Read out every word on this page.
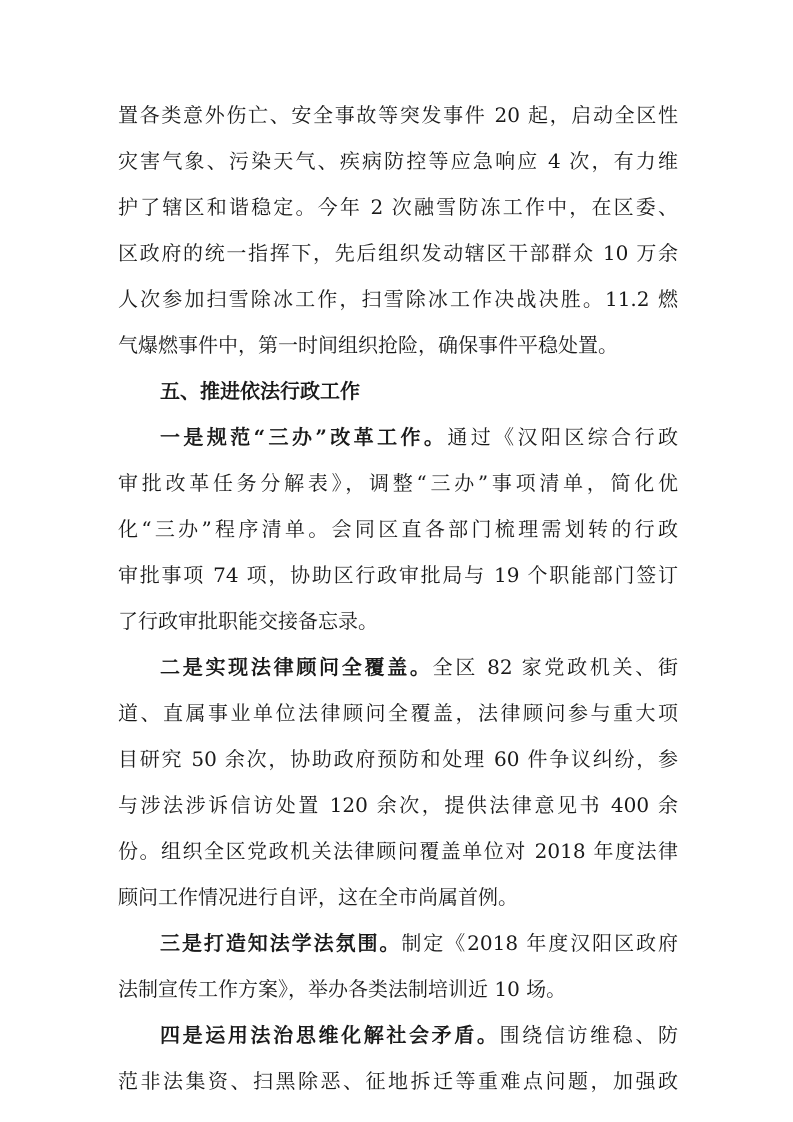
置各类意外伤亡、安全事故等突发事件 20 起，启动全区性
灾害气象、污染天气、疾病防控等应急响应 4 次，有力维
护了辖区和谐稳定。今年 2 次融雪防冻工作中，在区委、
区政府的统一指挥下，先后组织发动辖区干部群众 10 万余
人次参加扫雪除冰工作，扫雪除冰工作决战决胜。11.2 燃
气爆燃事件中，第一时间组织抢险，确保事件平稳处置。
五、推进依法行政工作
一是规范“三办”改革工作。通过《汉阳区综合行政
审批改革任务分解表》，调整“三办”事项清单，简化优
化“三办”程序清单。会同区直各部门梳理需划转的行政
审批事项 74 项，协助区行政审批局与 19 个职能部门签订
了行政审批职能交接备忘录。
二是实现法律顾问全覆盖。全区 82 家党政机关、街
道、直属事业单位法律顾问全覆盖，法律顾问参与重大项
目研究 50 余次，协助政府预防和处理 60 件争议纠纷，参
与涉法涉诉信访处置 120 余次，提供法律意见书 400 余
份。组织全区党政机关法律顾问覆盖单位对 2018 年度法律
顾问工作情况进行自评，这在全市尚属首例。
三是打造知法学法氛围。制定《2018 年度汉阳区政府
法制宣传工作方案》，举办各类法制培训近 10 场。
四是运用法治思维化解社会矛盾。围绕信访维稳、防
范非法集资、扫黑除恶、征地拆迁等重难点问题，加强政
